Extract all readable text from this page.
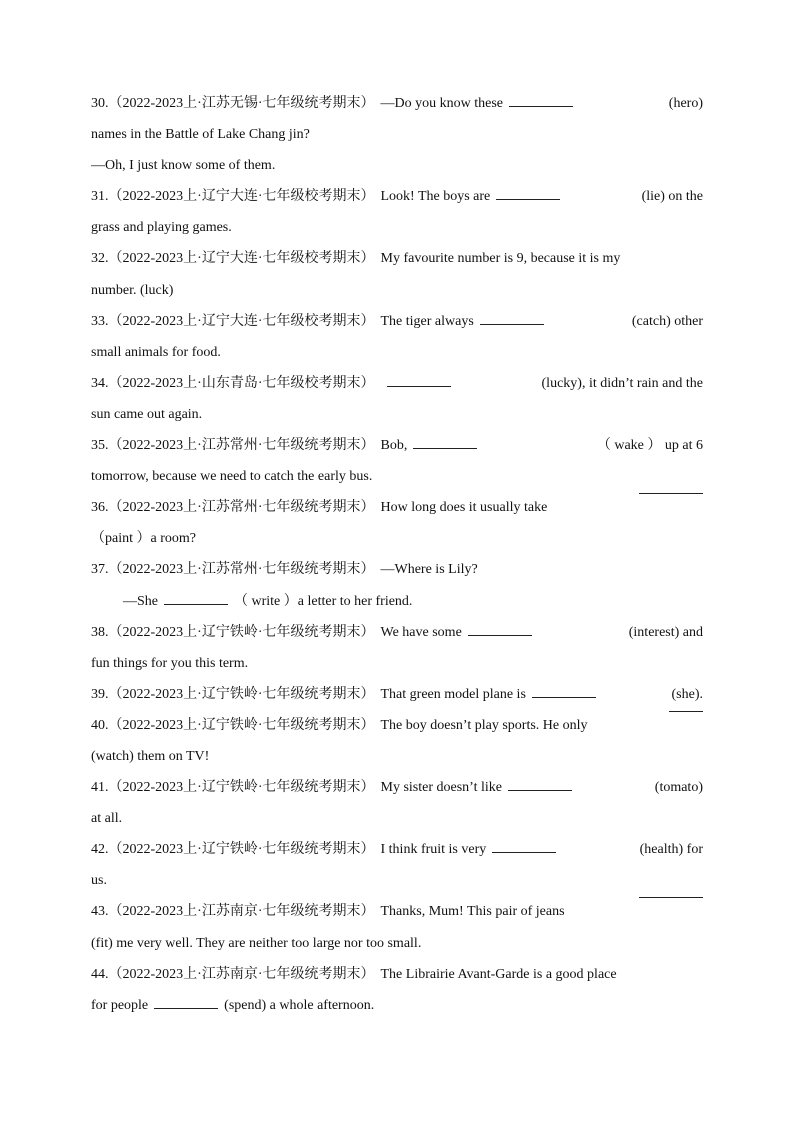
30.（2022-2023上·江苏无锡·七年级统考期末） —Do you know these	(hero)
names in the Battle of Lake Chang jin?
—Oh, I just know some of them.
31.（2022-2023上·辽宁大连·七年级校考期末） Look! The boys are	(lie) on the
grass and playing games.
32.（2022-2023上·辽宁大连·七年级校考期末） My favourite number is 9, because it is my
number. (luck)
33.（2022-2023上·辽宁大连·七年级校考期末） The tiger always	(catch) other
small animals for food.
34.（2022-2023上·山东青岛·七年级校考期末）	(lucky), it didn’t rain and the
sun came out again.
35.（2022-2023上·江苏常州·七年级统考期末） Bob,	（ wake ） up at 6
tomorrow, because we need to catch the early bus.
36.（2022-2023上·江苏常州·七年级统考期末） How long does it usually take
（paint ）a room?
37.（2022-2023上·江苏常州·七年级统考期末） —Where is Lily?
—She	（ write ）a letter to her friend.
38.（2022-2023上·辽宁铁岭·七年级统考期末） We have some	(interest) and
fun things for you this term.
39.（2022-2023上·辽宁铁岭·七年级统考期末） That green model plane is	(she).
40.（2022-2023上·辽宁铁岭·七年级统考期末） The boy doesn’t play sports. He only
(watch) them on TV!
41.（2022-2023上·辽宁铁岭·七年级统考期末） My sister doesn’t like	(tomato)
at all.
42.（2022-2023上·辽宁铁岭·七年级统考期末） I think fruit is very	(health) for
us.
43.（2022-2023上·江苏南京·七年级统考期末） Thanks, Mum! This pair of jeans
(fit) me very well. They are neither too large nor too small.
44.（2022-2023上·江苏南京·七年级统考期末） The Librairie Avant-Garde is a good place
for people	(spend) a whole afternoon.
